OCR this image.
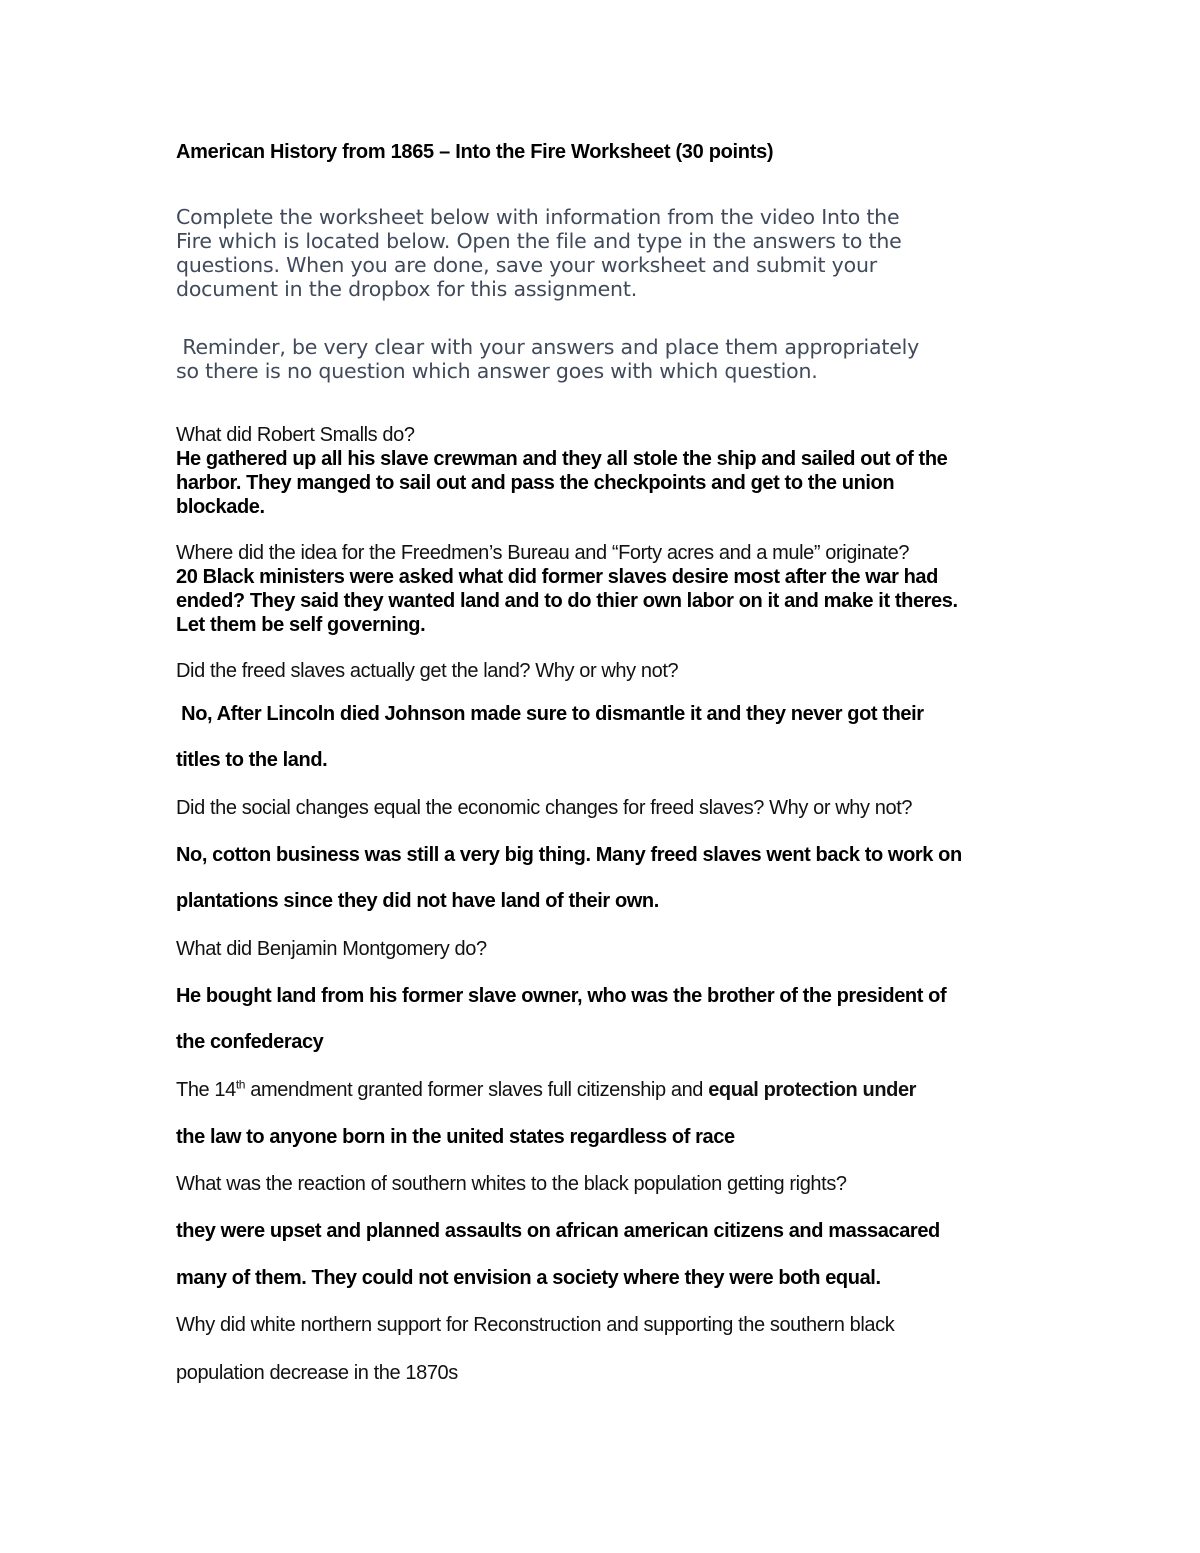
American History from 1865 – Into the Fire Worksheet (30 points)
Complete the worksheet below with information from the video Into the
Fire which is located below. Open the file and type in the answers to the
questions. When you are done, save your worksheet and submit your
document in the dropbox for this assignment.
Reminder, be very clear with your answers and place them appropriately
so there is no question which answer goes with which question.
What did Robert Smalls do?
He gathered up all his slave crewman and they all stole the ship and sailed out of the
harbor. They manged to sail out and pass the checkpoints and get to the union
blockade.
Where did the idea for the Freedmen’s Bureau and “Forty acres and a mule” originate?
20 Black ministers were asked what did former slaves desire most after the war had
ended? They said they wanted land and to do thier own labor on it and make it theres.
Let them be self governing.
Did the freed slaves actually get the land? Why or why not?
No, After Lincoln died Johnson made sure to dismantle it and they never got their
titles to the land.
Did the social changes equal the economic changes for freed slaves? Why or why not?
No, cotton business was still a very big thing. Many freed slaves went back to work on
plantations since they did not have land of their own.
What did Benjamin Montgomery do?
He bought land from his former slave owner, who was the brother of the president of
the confederacy
The 14th amendment granted former slaves full citizenship and equal protection under
the law to anyone born in the united states regardless of race
What was the reaction of southern whites to the black population getting rights?
they were upset and planned assaults on african american citizens and massacared
many of them. They could not envision a society where they were both equal.
Why did white northern support for Reconstruction and supporting the southern black
population decrease in the 1870s
